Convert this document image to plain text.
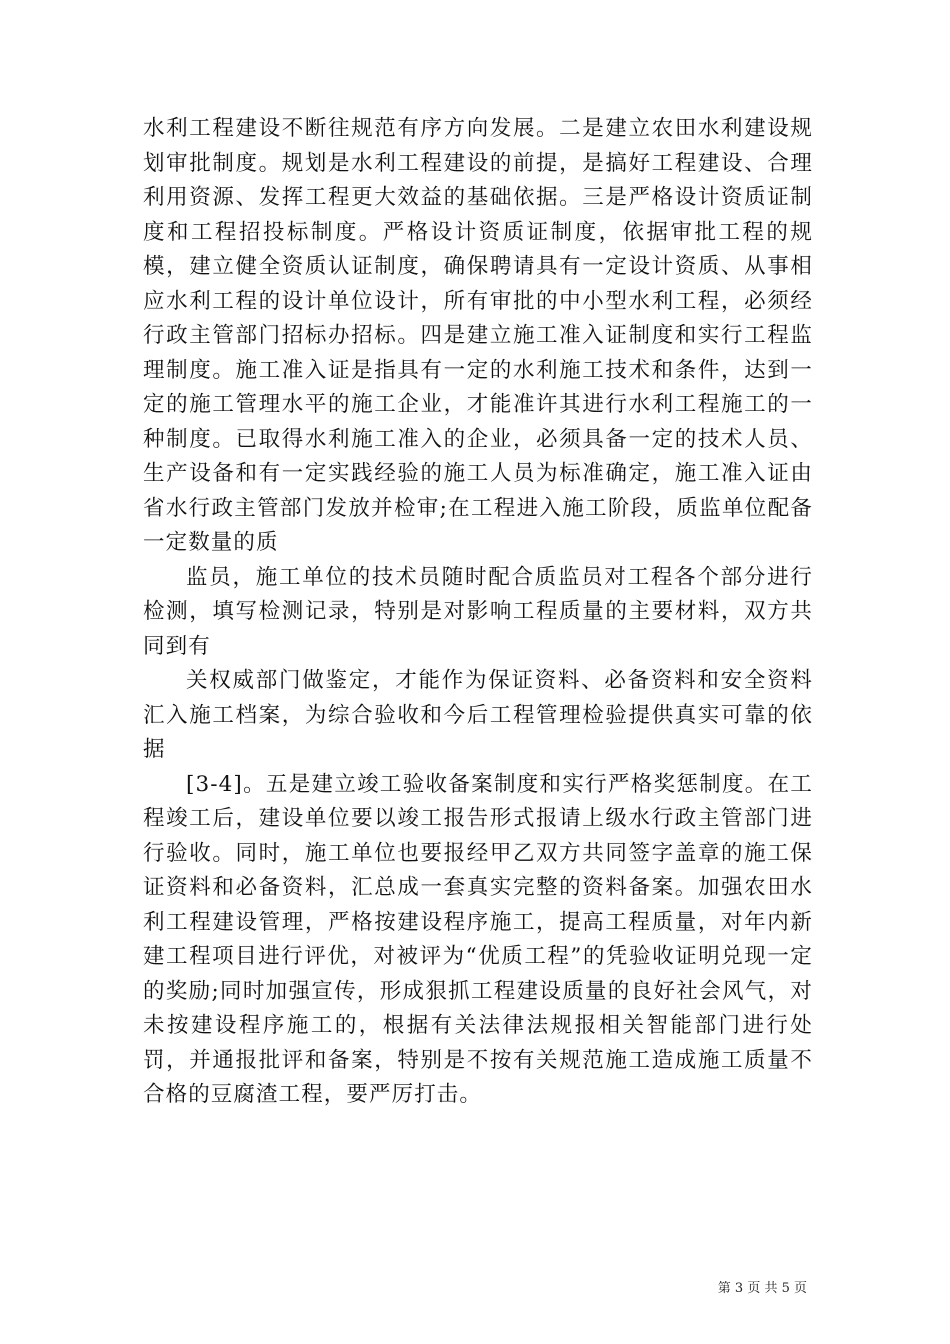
水利工程建设不断往规范有序方向发展。二是建立农田水利建设规划审批制度。规划是水利工程建设的前提，是搞好工程建设、合理利用资源、发挥工程更大效益的基础依据。三是严格设计资质证制度和工程招投标制度。严格设计资质证制度，依据审批工程的规模，建立健全资质认证制度，确保聘请具有一定设计资质、从事相应水利工程的设计单位设计，所有审批的中小型水利工程，必须经行政主管部门招标办招标。四是建立施工准入证制度和实行工程监理制度。施工准入证是指具有一定的水利施工技术和条件，达到一定的施工管理水平的施工企业，才能准许其进行水利工程施工的一种制度。已取得水利施工准入的企业，必须具备一定的技术人员、生产设备和有一定实践经验的施工人员为标准确定，施工准入证由省水行政主管部门发放并检审;在工程进入施工阶段，质监单位配备一定数量的质

监员，施工单位的技术员随时配合质监员对工程各个部分进行检测，填写检测记录，特别是对影响工程质量的主要材料，双方共同到有

关权威部门做鉴定，才能作为保证资料、必备资料和安全资料汇入施工档案，为综合验收和今后工程管理检验提供真实可靠的依据

[3-4]。五是建立竣工验收备案制度和实行严格奖惩制度。在工程竣工后，建设单位要以竣工报告形式报请上级水行政主管部门进行验收。同时，施工单位也要报经甲乙双方共同签字盖章的施工保证资料和必备资料，汇总成一套真实完整的资料备案。加强农田水利工程建设管理，严格按建设程序施工，提高工程质量，对年内新建工程项目进行评优，对被评为“优质工程”的凭验收证明兑现一定的奖励;同时加强宣传，形成狠抓工程建设质量的良好社会风气，对未按建设程序施工的，根据有关法律法规报相关智能部门进行处罚，并通报批评和备案，特别是不按有关规范施工造成施工质量不合格的豆腐渣工程，要严厉打击。

第 3 页 共 5 页
